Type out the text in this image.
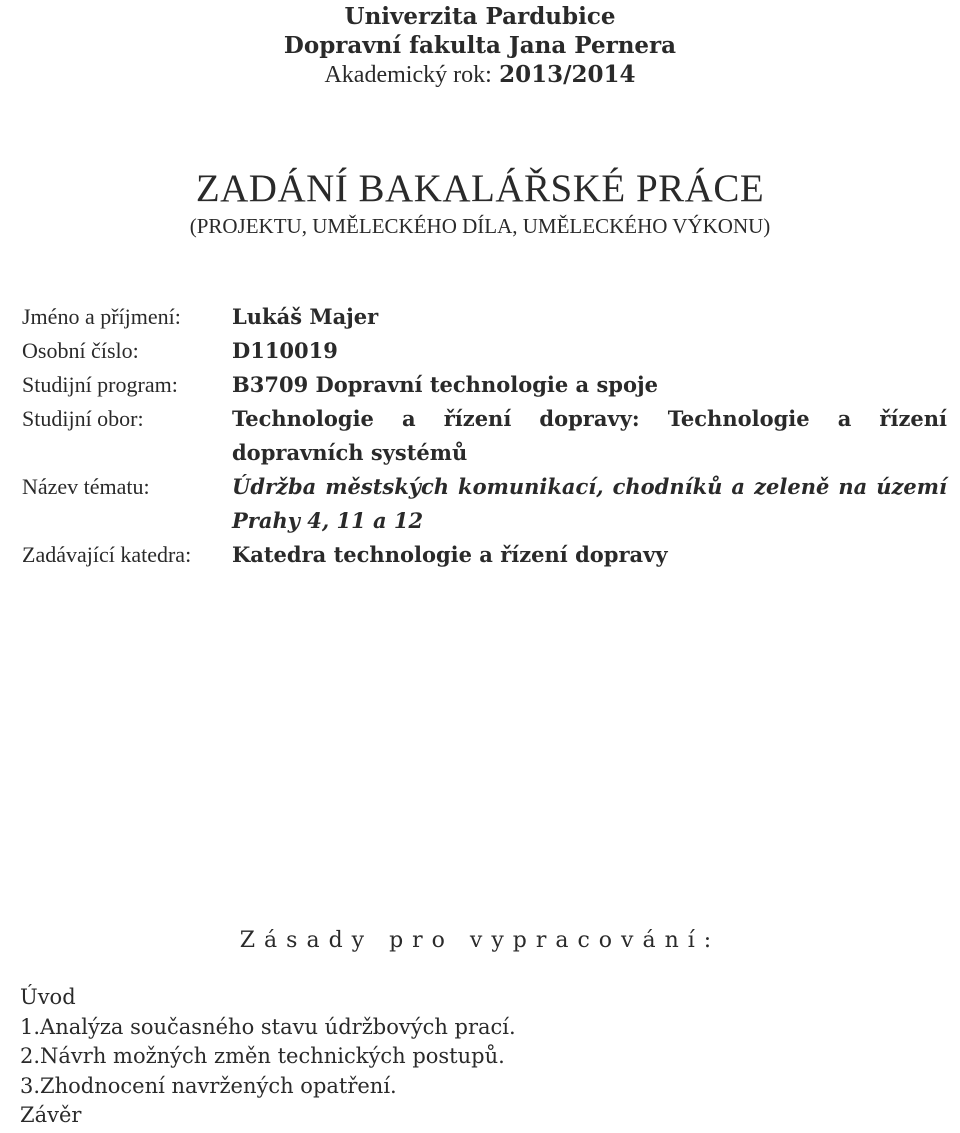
Univerzita Pardubice
Dopravní fakulta Jana Pernera
Akademický rok: 2013/2014
ZADÁNÍ BAKALÁŘSKÉ PRÁCE
(PROJEKTU, UMĚLECKÉHO DÍLA, UMĚLECKÉHO VÝKONU)
Jméno a příjmení:	Lukáš Majer
Osobní číslo:	D110019
Studijní program:	B3709 Dopravní technologie a spoje
Studijní obor:	Technologie a řízení dopravy: Technologie a řízení dopravních systémů
Název tématu:	Údržba městských komunikací, chodníků a zeleně na území Prahy 4, 11 a 12
Zadávající katedra:	Katedra technologie a řízení dopravy
Zásady pro vypracování:
Úvod
1.Analýza současného stavu údržbových prací.
2.Návrh možných změn technických postupů.
3.Zhodnocení navržených opatření.
Závěr
